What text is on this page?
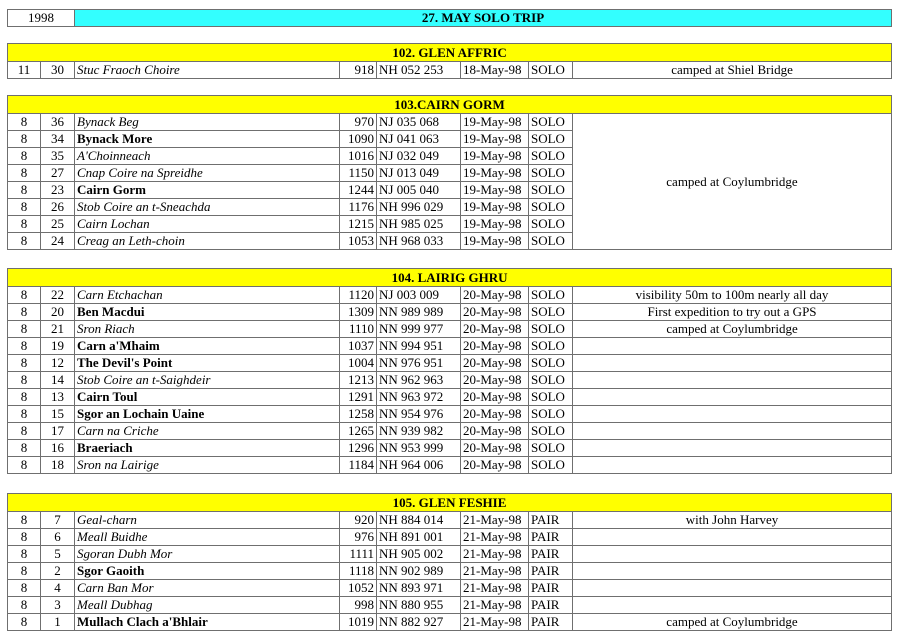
1998	27. MAY SOLO TRIP
102. GLEN AFFRIC
11	30	Stuc Fraoch Choire	918	NH 052 253	18-May-98	SOLO	camped at Shiel Bridge
103.CAIRN GORM							
8	36	Bynack Beg	970	NJ 035 068	19-May-98	SOLO	camped at Coylumbridge
8	34	Bynack More	1090	NJ 041 063	19-May-98	SOLO	
8	35	A'Choinneach	1016	NJ 032 049	19-May-98	SOLO	
8	27	Cnap Coire na Spreidhe	1150	NJ 013 049	19-May-98	SOLO	
8	23	Cairn Gorm	1244	NJ 005 040	19-May-98	SOLO	
8	26	Stob Coire an t-Sneachda	1176	NH 996 029	19-May-98	SOLO	
8	25	Cairn Lochan	1215	NH 985 025	19-May-98	SOLO	
8	24	Creag an Leth-choin	1053	NH 968 033	19-May-98	SOLO	
104. LAIRIG GHRU							
8	22	Carn Etchachan	1120	NJ 003 009	20-May-98	SOLO	visibility 50m to 100m nearly all day
8	20	Ben Macdui	1309	NN 989 989	20-May-98	SOLO	First expedition to try out a GPS
8	21	Sron Riach	1110	NN 999 977	20-May-98	SOLO	camped at Coylumbridge
8	19	Carn a'Mhaim	1037	NN 994 951	20-May-98	SOLO	
8	12	The Devil's Point	1004	NN 976 951	20-May-98	SOLO	
8	14	Stob Coire an t-Saighdeir	1213	NN 962 963	20-May-98	SOLO	
8	13	Cairn Toul	1291	NN 963 972	20-May-98	SOLO	
8	15	Sgor an Lochain Uaine	1258	NN 954 976	20-May-98	SOLO	
8	17	Carn na Criche	1265	NN 939 982	20-May-98	SOLO	
8	16	Braeriach	1296	NN 953 999	20-May-98	SOLO	
8	18	Sron na Lairige	1184	NH 964 006	20-May-98	SOLO	
105. GLEN FESHIE							
8	7	Geal-charn	920	NH 884 014	21-May-98	PAIR	with John Harvey
8	6	Meall Buidhe	976	NH 891 001	21-May-98	PAIR	
8	5	Sgoran Dubh Mor	1111	NH 905 002	21-May-98	PAIR	
8	2	Sgor Gaoith	1118	NN 902 989	21-May-98	PAIR	
8	4	Carn Ban Mor	1052	NN 893 971	21-May-98	PAIR	
8	3	Meall Dubhag	998	NN 880 955	21-May-98	PAIR	
8	1	Mullach Clach a'Bhlair	1019	NN 882 927	21-May-98	PAIR	camped at Coylumbridge
